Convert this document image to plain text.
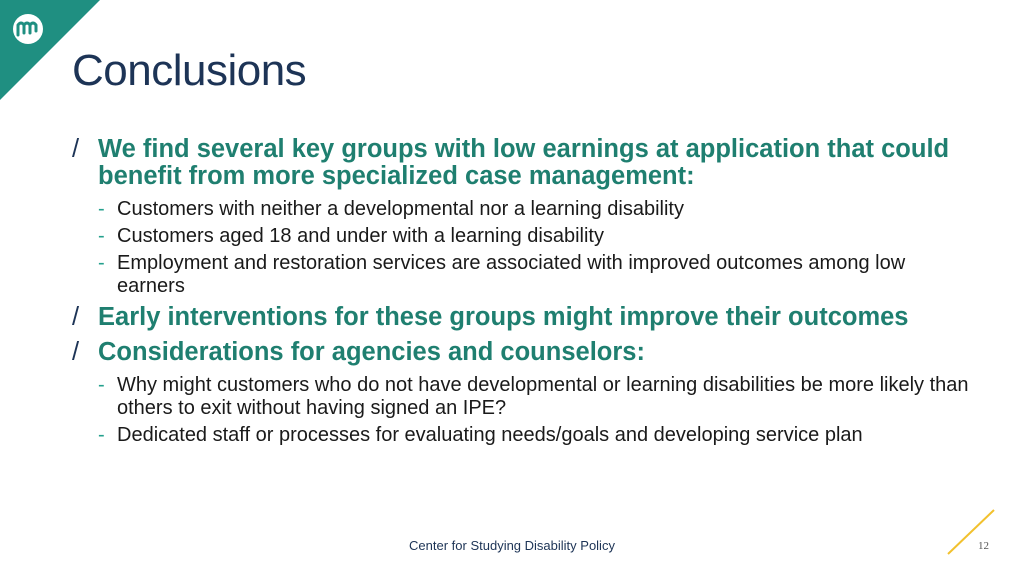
Conclusions
/ We find several key groups with low earnings at application that could benefit from more specialized case management:
- Customers with neither a developmental nor a learning disability
- Customers aged 18 and under with a learning disability
- Employment and restoration services are associated with improved outcomes among low earners
/ Early interventions for these groups might improve their outcomes
/ Considerations for agencies and counselors:
- Why might customers who do not have developmental or learning disabilities be more likely than others to exit without having signed an IPE?
- Dedicated staff or processes for evaluating needs/goals and developing service plan
Center for Studying Disability Policy	12
